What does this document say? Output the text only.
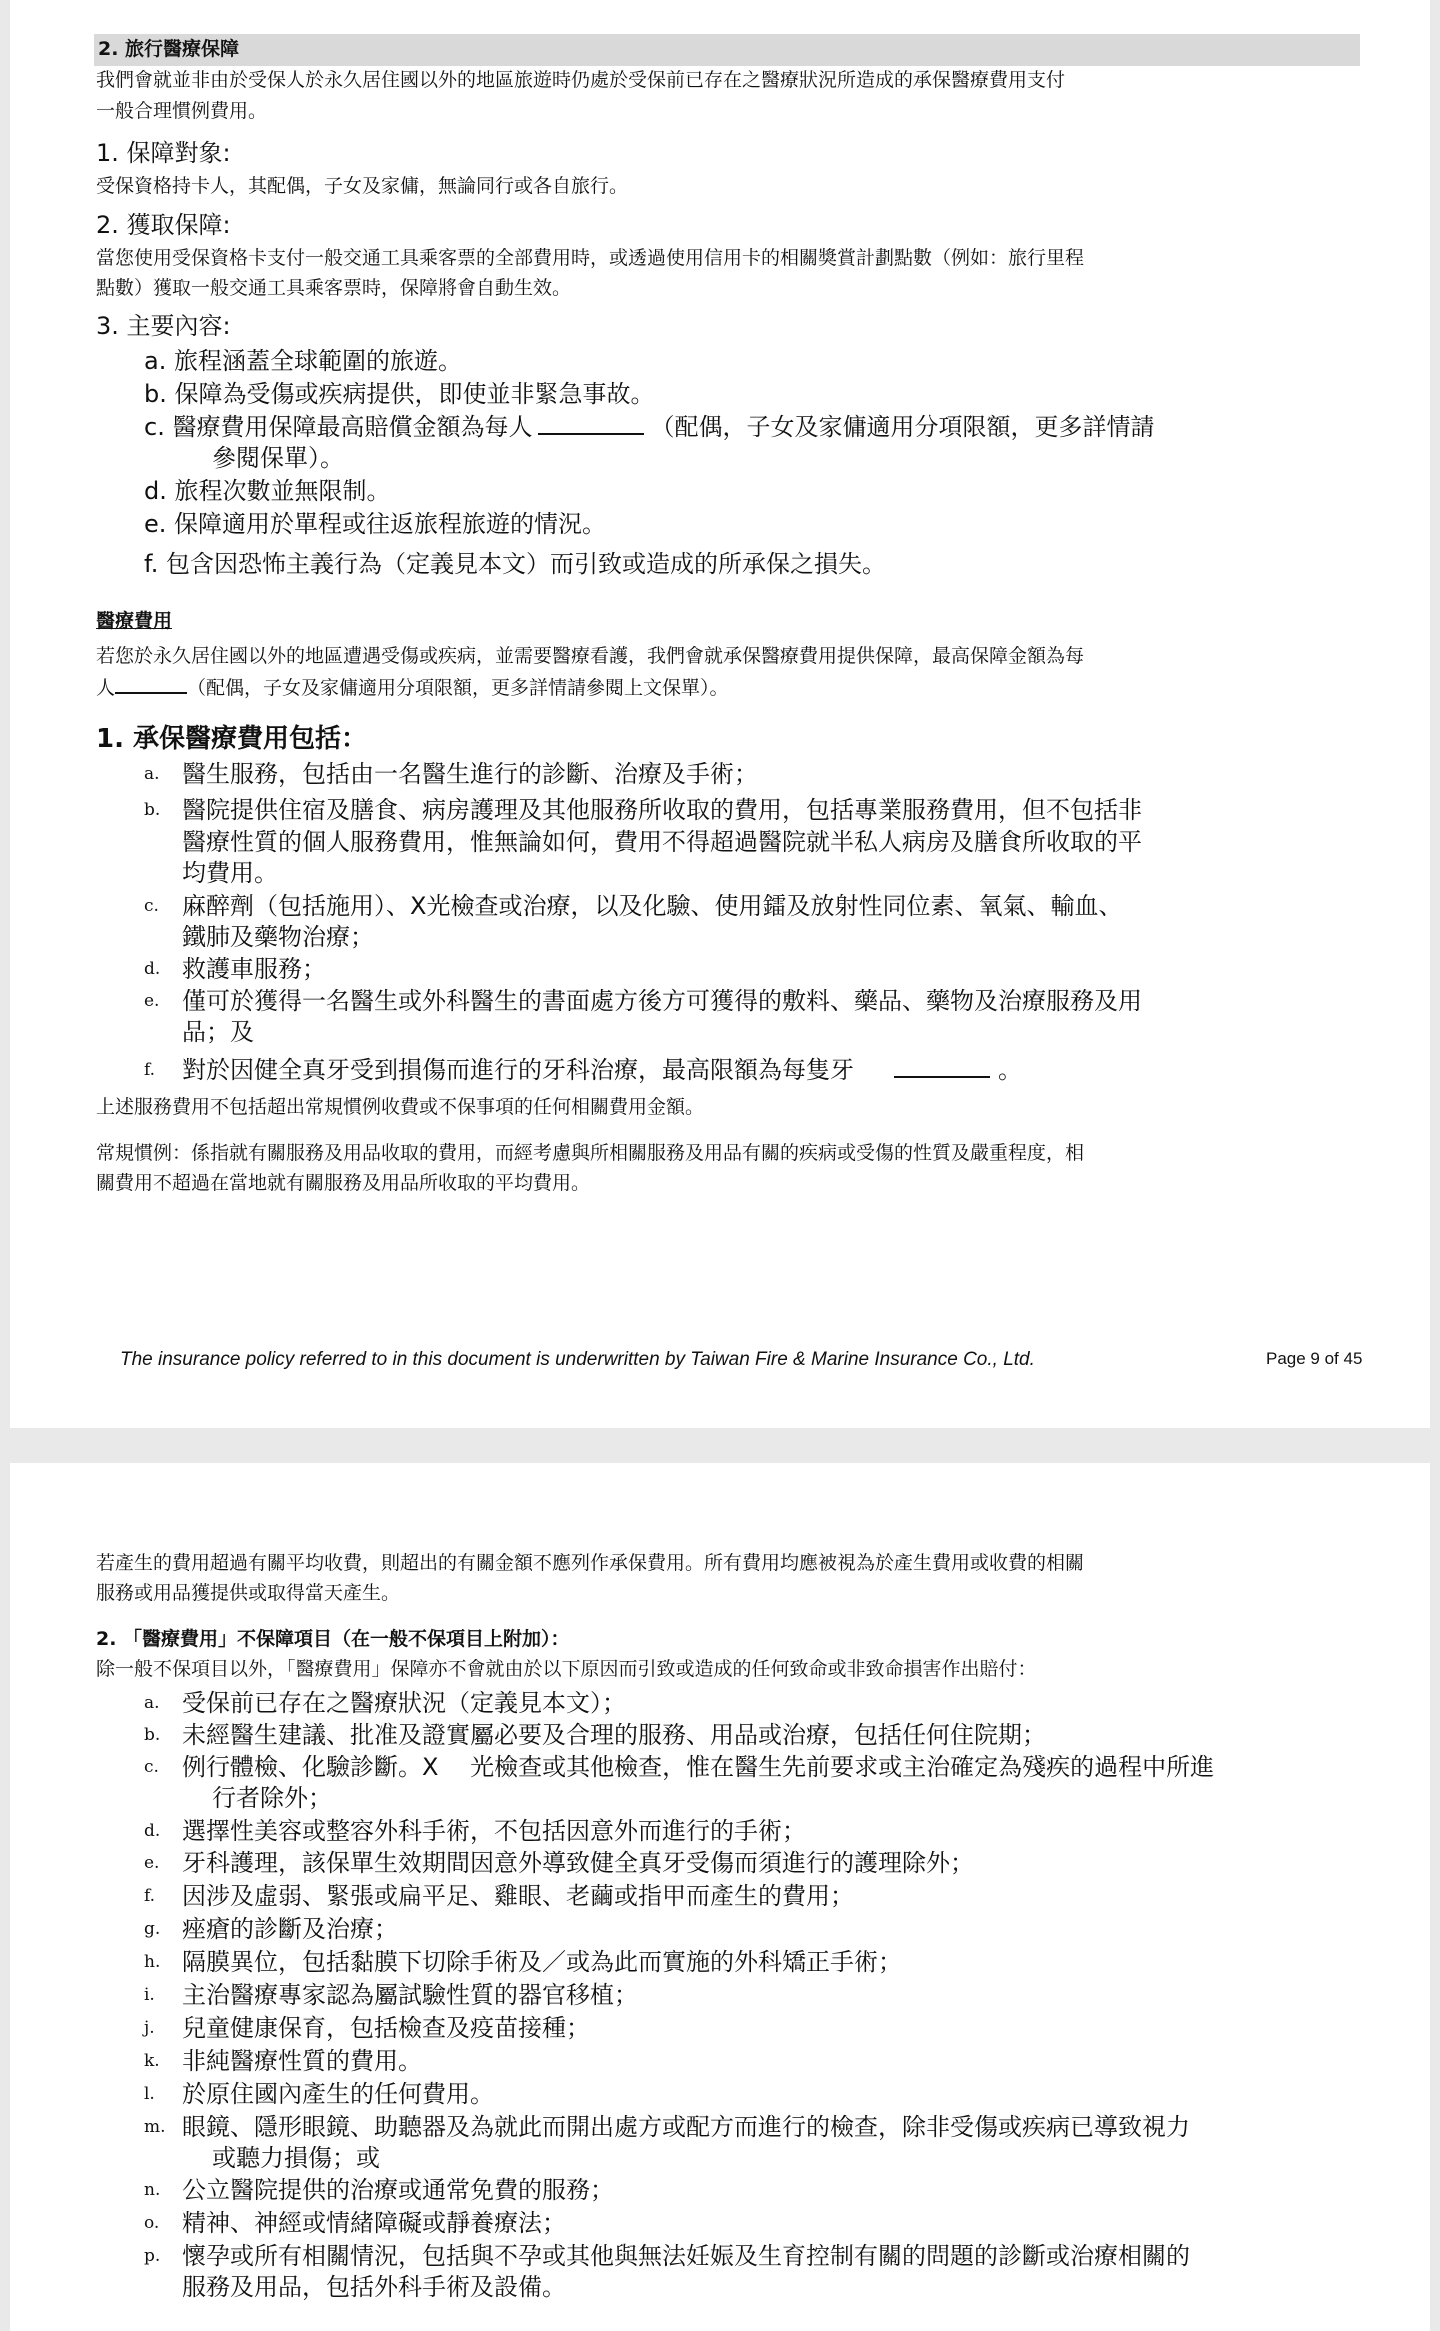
2. 旅行醫療保障
我們會就並非由於受保人於永久居住國以外的地區旅遊時仍處於受保前已存在之醫療狀況所造成的承保醫療費用支付
一般合理慣例費用。
1. 保障對象:
受保資格持卡人，其配偶，子女及家傭，無論同行或各自旅行。
2. 獲取保障:
當您使用受保資格卡支付一般交通工具乘客票的全部費用時，或透過使用信用卡的相關獎賞計劃點數（例如：旅行里程
點數）獲取一般交通工具乘客票時，保障將會自動生效。
3. 主要內容:
a. 旅程涵蓋全球範圍的旅遊。
b. 保障為受傷或疾病提供，即使並非緊急事故。
c. 醫療費用保障最高賠償金額為每人	（配偶，子女及家傭適用分項限額，更多詳情請
參閱保單）。
d. 旅程次數並無限制。
e. 保障適用於單程或往返旅程旅遊的情況。
f. 包含因恐怖主義行為（定義見本文）而引致或造成的所承保之損失。
醫療費用
若您於永久居住國以外的地區遭遇受傷或疾病，並需要醫療看護，我們會就承保醫療費用提供保障，最高保障金額為每
人	（配偶，子女及家傭適用分項限額，更多詳情請參閱上文保單）。
1. 承保醫療費用包括：
a. 醫生服務，包括由一名醫生進行的診斷、治療及手術；
b. 醫院提供住宿及膳食、病房護理及其他服務所收取的費用，包括專業服務費用，但不包括非
醫療性質的個人服務費用，惟無論如何，費用不得超過醫院就半私人病房及膳食所收取的平
均費用。
c. 麻醉劑（包括施用）、X光檢查或治療，以及化驗、使用鐳及放射性同位素、氧氣、輸血、
鐵肺及藥物治療；
d. 救護車服務；
e. 僅可於獲得一名醫生或外科醫生的書面處方後方可獲得的敷料、藥品、藥物及治療服務及用
品；及
f. 對於因健全真牙受到損傷而進行的牙科治療，最高限額為每隻牙	。
上述服務費用不包括超出常規慣例收費或不保事項的任何相關費用金額。
常規慣例：係指就有關服務及用品收取的費用，而經考慮與所相關服務及用品有關的疾病或受傷的性質及嚴重程度，相
關費用不超過在當地就有關服務及用品所收取的平均費用。
The insurance policy referred to in this document is underwritten by Taiwan Fire & Marine Insurance Co., Ltd.	Page 9 of 45
若產生的費用超過有關平均收費，則超出的有關金額不應列作承保費用。所有費用均應被視為於產生費用或收費的相關
服務或用品獲提供或取得當天產生。
2. 「醫療費用」不保障項目（在一般不保項目上附加）：
除一般不保項目以外，「醫療費用」保障亦不會就由於以下原因而引致或造成的任何致命或非致命損害作出賠付：
a. 受保前已存在之醫療狀況（定義見本文）；
b. 未經醫生建議、批准及證實屬必要及合理的服務、用品或治療，包括任何住院期；
c. 例行體檢、化驗診斷。X　 光檢查或其他檢查，惟在醫生先前要求或主治確定為殘疾的過程中所進
行者除外；
d. 選擇性美容或整容外科手術，不包括因意外而進行的手術；
e. 牙科護理，該保單生效期間因意外導致健全真牙受傷而須進行的護理除外；
f. 因涉及虛弱、緊張或扁平足、雞眼、老繭或指甲而產生的費用；
g. 痤瘡的診斷及治療；
h. 隔膜異位，包括黏膜下切除手術及／或為此而實施的外科矯正手術；
i. 主治醫療專家認為屬試驗性質的器官移植；
j. 兒童健康保育，包括檢查及疫苗接種；
k. 非純醫療性質的費用。
l. 於原住國內產生的任何費用。
m. 眼鏡、隱形眼鏡、助聽器及為就此而開出處方或配方而進行的檢查，除非受傷或疾病已導致視力
或聽力損傷；或
n. 公立醫院提供的治療或通常免費的服務；
o. 精神、神經或情緒障礙或靜養療法；
p. 懷孕或所有相關情況，包括與不孕或其他與無法妊娠及生育控制有關的問題的診斷或治療相關的
服務及用品，包括外科手術及設備。
